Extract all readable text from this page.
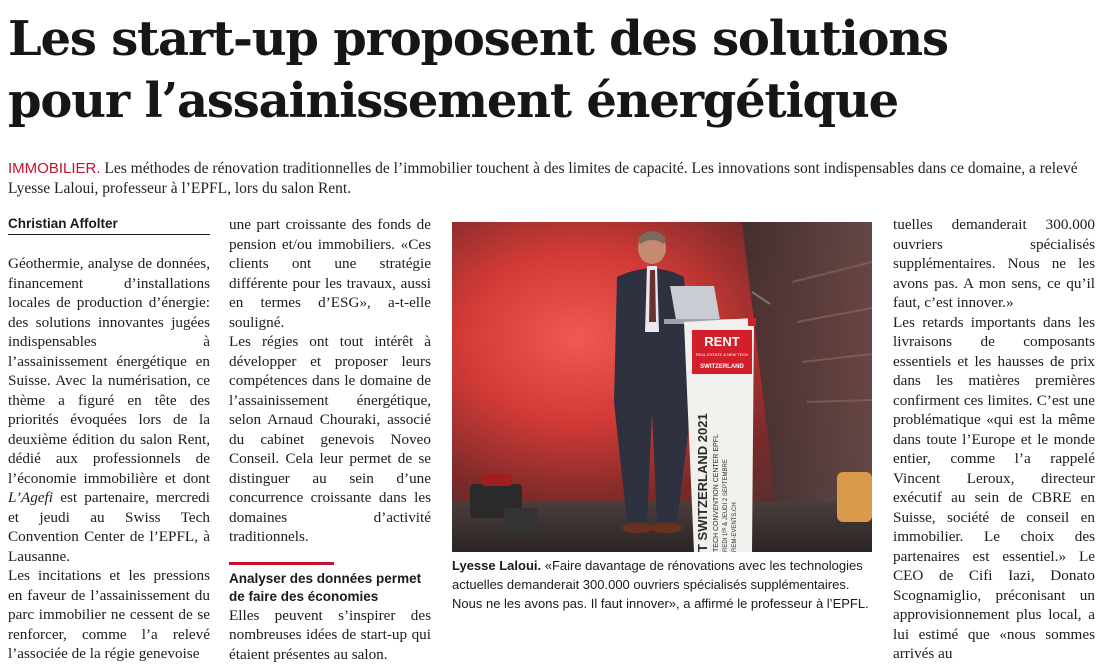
Les start-up proposent des solutions
pour l’assainissement énergétique

IMMOBILIER. Les méthodes de rénovation traditionnelles de l’immobilier touchent à des limites de capacité. Les innovations sont indispensables dans ce domaine, a relevé Lyesse Laloui, professeur à l’EPFL, lors du salon Rent.

Christian Affolter

Géothermie, analyse de données, financement d’installations locales de production d’énergie: des solutions innovantes jugées indispensables à l’assainissement énergétique en Suisse. Avec la numérisation, ce thème a figuré en tête des priorités évoquées lors de la deuxième édition du salon Rent, dédié aux professionnels de l’économie immobilière et dont L’Agefi est partenaire, mercredi et jeudi au Swiss Tech Convention Center de l’EPFL, à Lausanne.

Les incitations et les pressions en faveur de l’assainissement du parc immobilier ne cessent de se renforcer, comme l’a relevé l’associée de la régie genevoise

une part croissante des fonds de pension et/ou immobiliers. «Ces clients ont une stratégie différente pour les travaux, aussi en termes d’ESG», a-t-elle souligné.

Les régies ont tout intérêt à développer et proposer leurs compétences dans le domaine de l’assainissement énergétique, selon Arnaud Chouraki, associé du cabinet genevois Noveo Conseil. Cela leur permet de se distinguer au sein d’une concurrence croissante dans les domaines d’activité traditionnels.

Analyser des données permet de faire des économies

Elles peuvent s’inspirer des nombreuses idées de start-up qui étaient présentes au salon.

RENT
REAL ESTATE & NEW TECH
SWITZERLAND
T SWITZERLAND 2021 TECH CONVENTION CENTER EPFL REDI 1ᴱᴿ & JEUDI 2 SEPTEMBRE REM-EVENTS.CH

Lyesse Laloui. «Faire davantage de rénovations avec les technologies actuelles demanderait 300.000 ouvriers spécialisés supplémentaires. Nous ne les avons pas. Il faut innover», a affirmé le professeur à l’EPFL.

tuelles demanderait 300.000 ouvriers spécialisés supplémentaires. Nous ne les avons pas. A mon sens, ce qu’il faut, c’est innover.»

Les retards importants dans les livraisons de composants essentiels et les hausses de prix dans les matières premières confirment ces limites. C’est une problématique «qui est la même dans toute l’Europe et le monde entier, comme l’a rappelé Vincent Leroux, directeur exécutif au sein de CBRE en Suisse, société de conseil en immobilier. Le choix des partenaires est essentiel.» Le CEO de Cifi Iazi, Donato Scognamiglio, préconisant un approvisionnement plus local, a lui estimé que «nous sommes arrivés au
